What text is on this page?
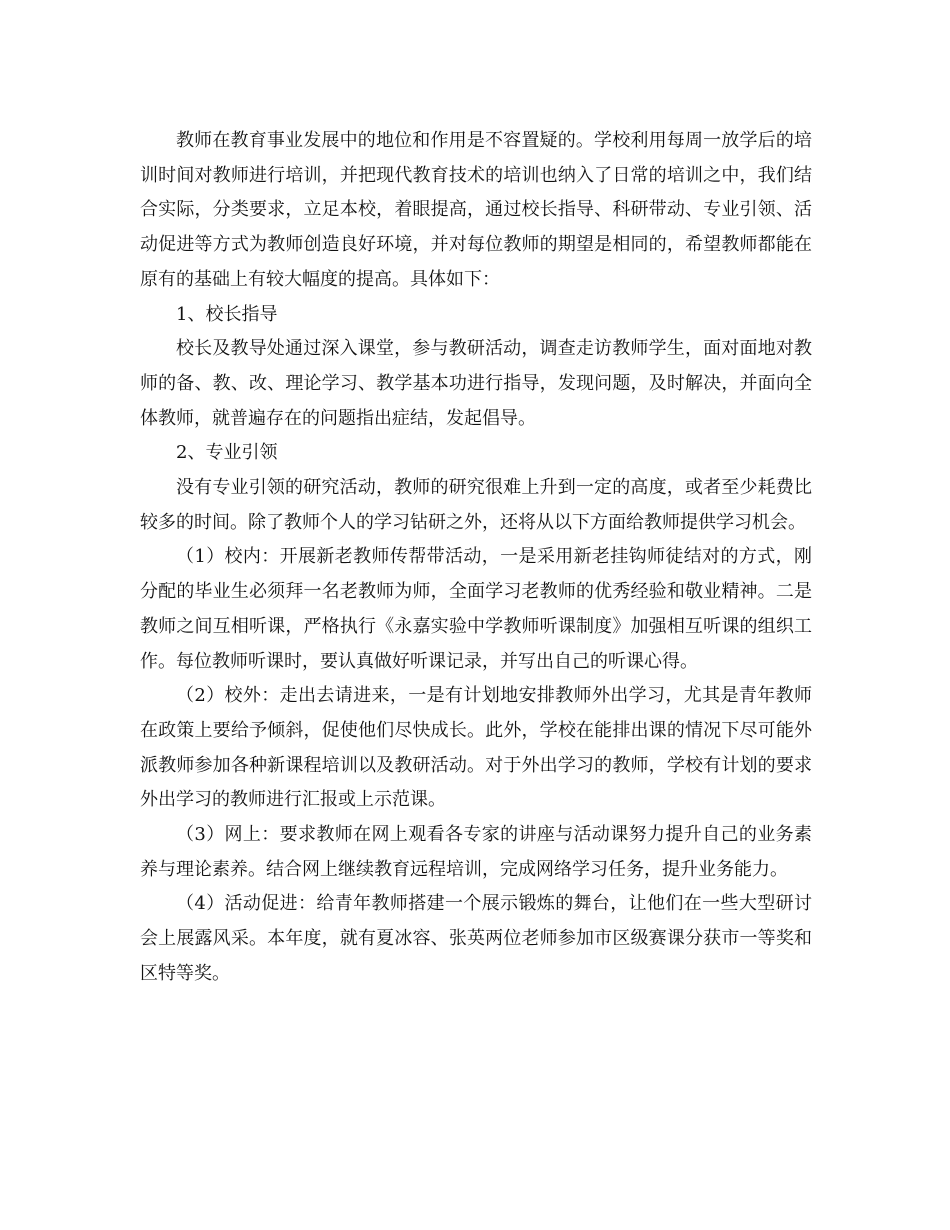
教师在教育事业发展中的地位和作用是不容置疑的。学校利用每周一放学后的培训时间对教师进行培训，并把现代教育技术的培训也纳入了日常的培训之中，我们结合实际，分类要求，立足本校，着眼提高，通过校长指导、科研带动、专业引领、活动促进等方式为教师创造良好环境，并对每位教师的期望是相同的，希望教师都能在原有的基础上有较大幅度的提高。具体如下：

1、校长指导

校长及教导处通过深入课堂，参与教研活动，调查走访教师学生，面对面地对教师的备、教、改、理论学习、教学基本功进行指导，发现问题，及时解决，并面向全体教师，就普遍存在的问题指出症结，发起倡导。

2、专业引领

没有专业引领的研究活动，教师的研究很难上升到一定的高度，或者至少耗费比较多的时间。除了教师个人的学习钻研之外，还将从以下方面给教师提供学习机会。

（1）校内：开展新老教师传帮带活动，一是采用新老挂钩师徒结对的方式，刚分配的毕业生必须拜一名老教师为师，全面学习老教师的优秀经验和敬业精神。二是教师之间互相听课，严格执行《永嘉实验中学教师听课制度》加强相互听课的组织工作。每位教师听课时，要认真做好听课记录，并写出自己的听课心得。

（2）校外：走出去请进来，一是有计划地安排教师外出学习，尤其是青年教师在政策上要给予倾斜，促使他们尽快成长。此外，学校在能排出课的情况下尽可能外派教师参加各种新课程培训以及教研活动。对于外出学习的教师，学校有计划的要求外出学习的教师进行汇报或上示范课。

（3）网上：要求教师在网上观看各专家的讲座与活动课努力提升自己的业务素养与理论素养。结合网上继续教育远程培训，完成网络学习任务，提升业务能力。

（4）活动促进：给青年教师搭建一个展示锻炼的舞台，让他们在一些大型研讨会上展露风采。本年度，就有夏冰容、张英两位老师参加市区级赛课分获市一等奖和区特等奖。
